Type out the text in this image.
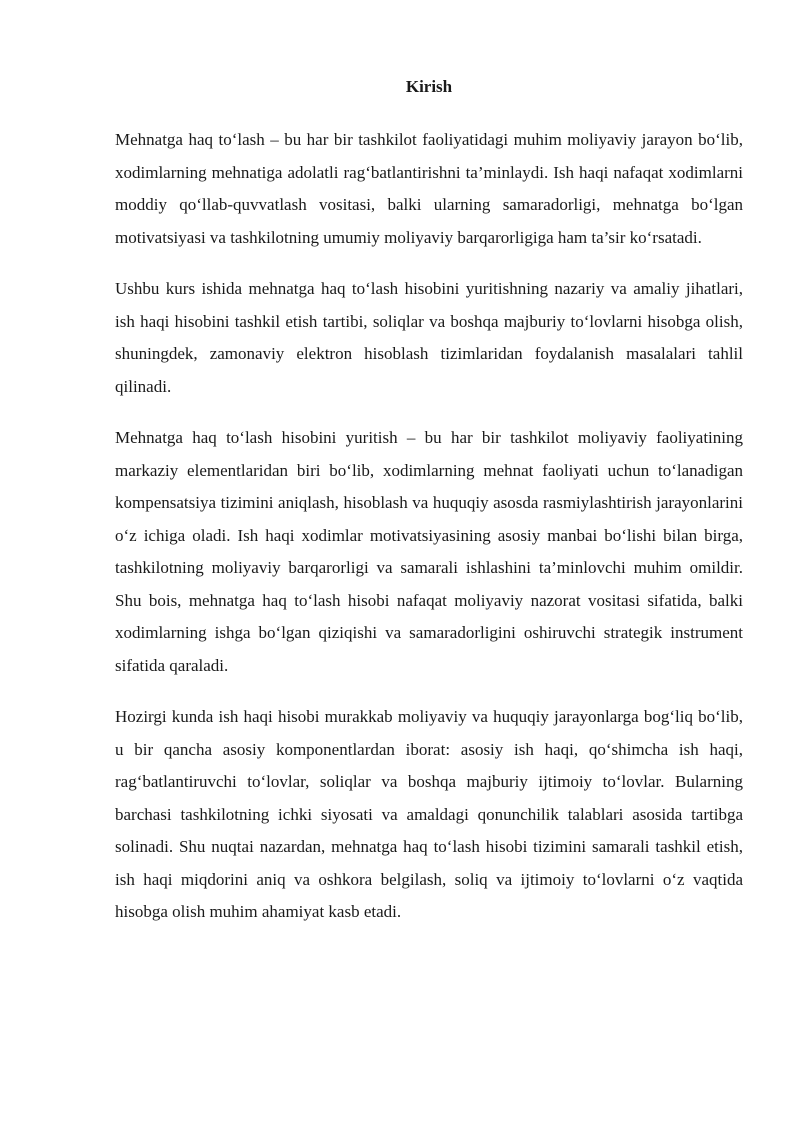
Kirish

Mehnatga haq to‘lash – bu har bir tashkilot faoliyatidagi muhim moliyaviy jarayon bo‘lib, xodimlarning mehnatiga adolatli rag‘batlantirishni ta’minlaydi. Ish haqi nafaqat xodimlarni moddiy qo‘llab-quvvatlash vositasi, balki ularning samaradorligi, mehnatga bo‘lgan motivatsiyasi va tashkilotning umumiy moliyaviy barqarorligiga ham ta’sir ko‘rsatadi.

Ushbu kurs ishida mehnatga haq to‘lash hisobini yuritishning nazariy va amaliy jihatlari, ish haqi hisobini tashkil etish tartibi, soliqlar va boshqa majburiy to‘lovlarni hisobga olish, shuningdek, zamonaviy elektron hisoblash tizimlaridan foydalanish masalalari tahlil qilinadi.

Mehnatga haq to‘lash hisobini yuritish – bu har bir tashkilot moliyaviy faoliyatining markaziy elementlaridan biri bo‘lib, xodimlarning mehnat faoliyati uchun to‘lanadigan kompensatsiya tizimini aniqlash, hisoblash va huquqiy asosda rasmiylashtirish jarayonlarini o‘z ichiga oladi. Ish haqi xodimlar motivatsiyasining asosiy manbai bo‘lishi bilan birga, tashkilotning moliyaviy barqarorligi va samarali ishlashini ta’minlovchi muhim omildir. Shu bois, mehnatga haq to‘lash hisobi nafaqat moliyaviy nazorat vositasi sifatida, balki xodimlarning ishga bo‘lgan qiziqishi va samaradorligini oshiruvchi strategik instrument sifatida qaraladi.

Hozirgi kunda ish haqi hisobi murakkab moliyaviy va huquqiy jarayonlarga bog‘liq bo‘lib, u bir qancha asosiy komponentlardan iborat: asosiy ish haqi, qo‘shimcha ish haqi, rag‘batlantiruvchi to‘lovlar, soliqlar va boshqa majburiy ijtimoiy to‘lovlar. Bularning barchasi tashkilotning ichki siyosati va amaldagi qonunchilik talablari asosida tartibga solinadi. Shu nuqtai nazardan, mehnatga haq to‘lash hisobi tizimini samarali tashkil etish, ish haqi miqdorini aniq va oshkora belgilash, soliq va ijtimoiy to‘lovlarni o‘z vaqtida hisobga olish muhim ahamiyat kasb etadi.
